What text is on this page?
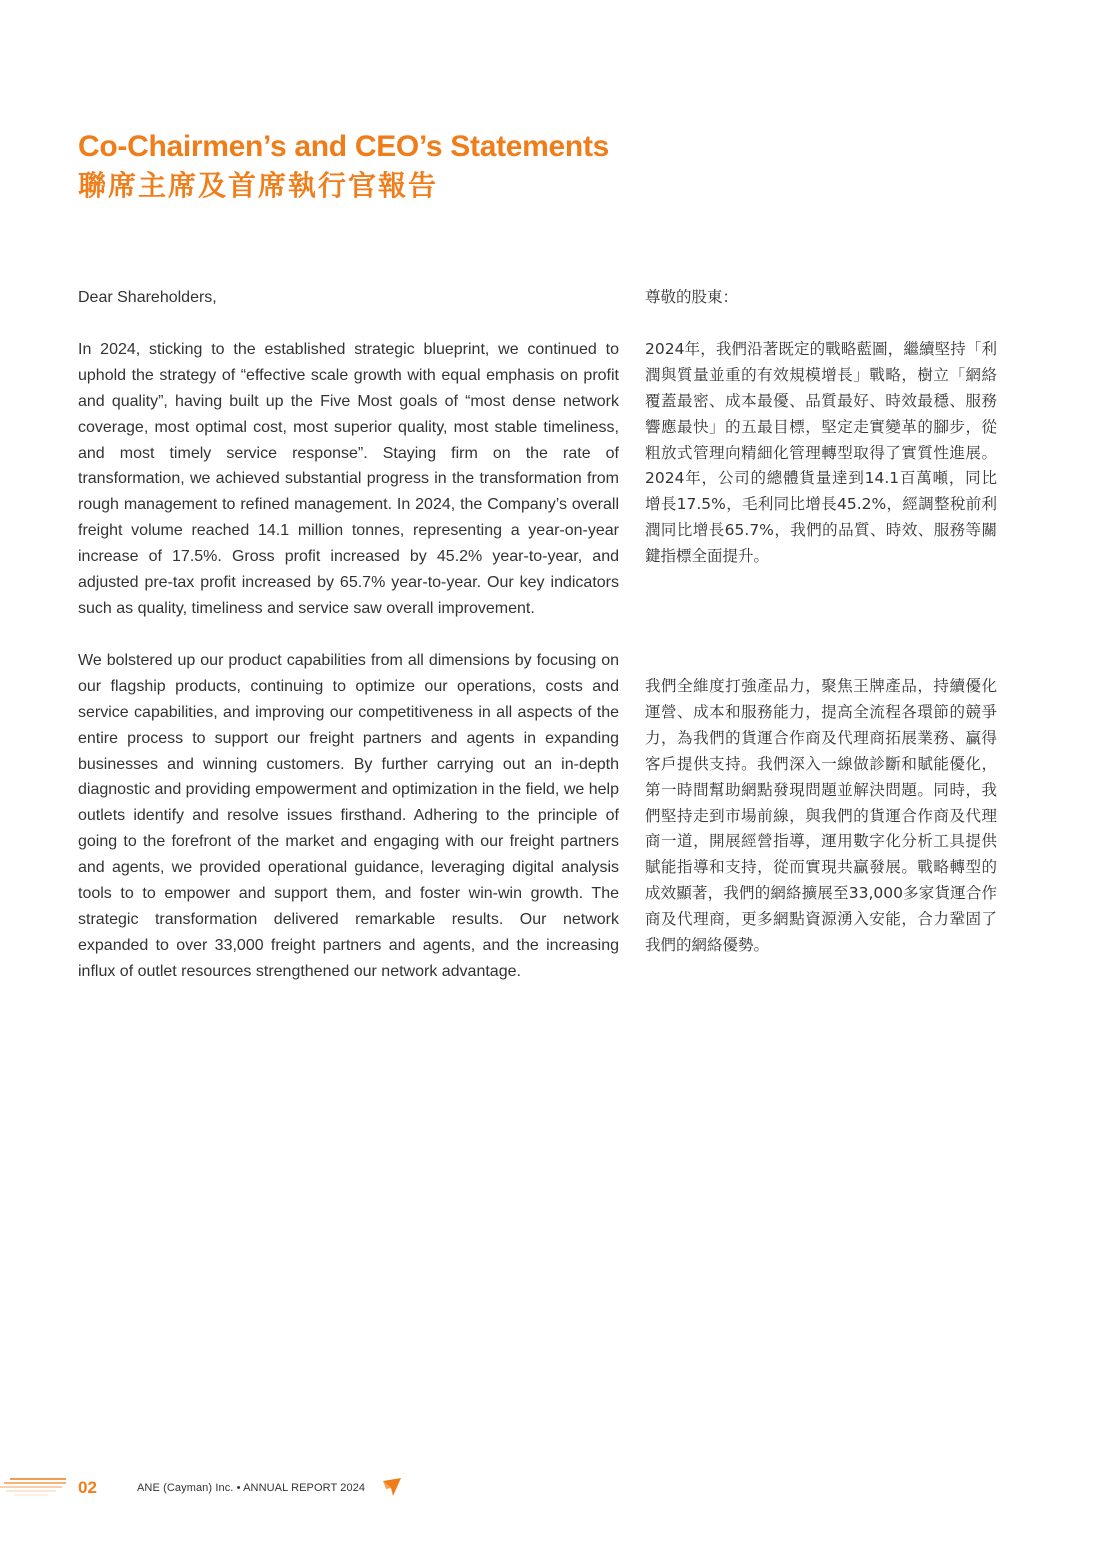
Co-Chairmen’s and CEO’s Statements
聯席主席及首席執行官報告

Dear Shareholders,

In 2024, sticking to the established strategic blueprint, we continued to uphold the strategy of “effective scale growth with equal emphasis on profit and quality”, having built up the Five Most goals of “most dense network coverage, most optimal cost, most superior quality, most stable timeliness, and most timely service response”. Staying firm on the rate of transformation, we achieved substantial progress in the transformation from rough management to refined management. In 2024, the Company’s overall freight volume reached 14.1 million tonnes, representing a year-on-year increase of 17.5%. Gross profit increased by 45.2% year-to-year, and adjusted pre-tax profit increased by 65.7% year-to-year. Our key indicators such as quality, timeliness and service saw overall improvement.

We bolstered up our product capabilities from all dimensions by focusing on our flagship products, continuing to optimize our operations, costs and service capabilities, and improving our competitiveness in all aspects of the entire process to support our freight partners and agents in expanding businesses and winning customers. By further carrying out an in-depth diagnostic and providing empowerment and optimization in the field, we help outlets identify and resolve issues firsthand. Adhering to the principle of going to the forefront of the market and engaging with our freight partners and agents, we provided operational guidance, leveraging digital analysis tools to to empower and support them, and foster win-win growth. The strategic transformation delivered remarkable results. Our network expanded to over 33,000 freight partners and agents, and the increasing influx of outlet resources strengthened our network advantage.

尊敬的股東：

2024年，我們沿著既定的戰略藍圖，繼續堅持「利潤與質量並重的有效規模增長」戰略，樹立「網絡覆蓋最密、成本最優、品質最好、時效最穩、服務響應最快」的五最目標，堅定走實變革的腳步，從粗放式管理向精細化管理轉型取得了實質性進展。2024年，公司的總體貨量達到14.1百萬噸，同比增長17.5%，毛利同比增長45.2%，經調整稅前利潤同比增長65.7%，我們的品質、時效、服務等關鍵指標全面提升。

我們全維度打強產品力，聚焦王牌產品，持續優化運營、成本和服務能力，提高全流程各環節的競爭力，為我們的貨運合作商及代理商拓展業務、贏得客戶提供支持。我們深入一線做診斷和賦能優化，第一時間幫助網點發現問題並解決問題。同時，我們堅持走到市場前線，與我們的貨運合作商及代理商一道，開展經營指導，運用數字化分析工具提供賦能指導和支持，從而實現共贏發展。戰略轉型的成效顯著，我們的網絡擴展至33,000多家貨運合作商及代理商，更多網點資源湧入安能，合力鞏固了我們的網絡優勢。

02	ANE (Cayman) Inc. • ANNUAL REPORT 2024
